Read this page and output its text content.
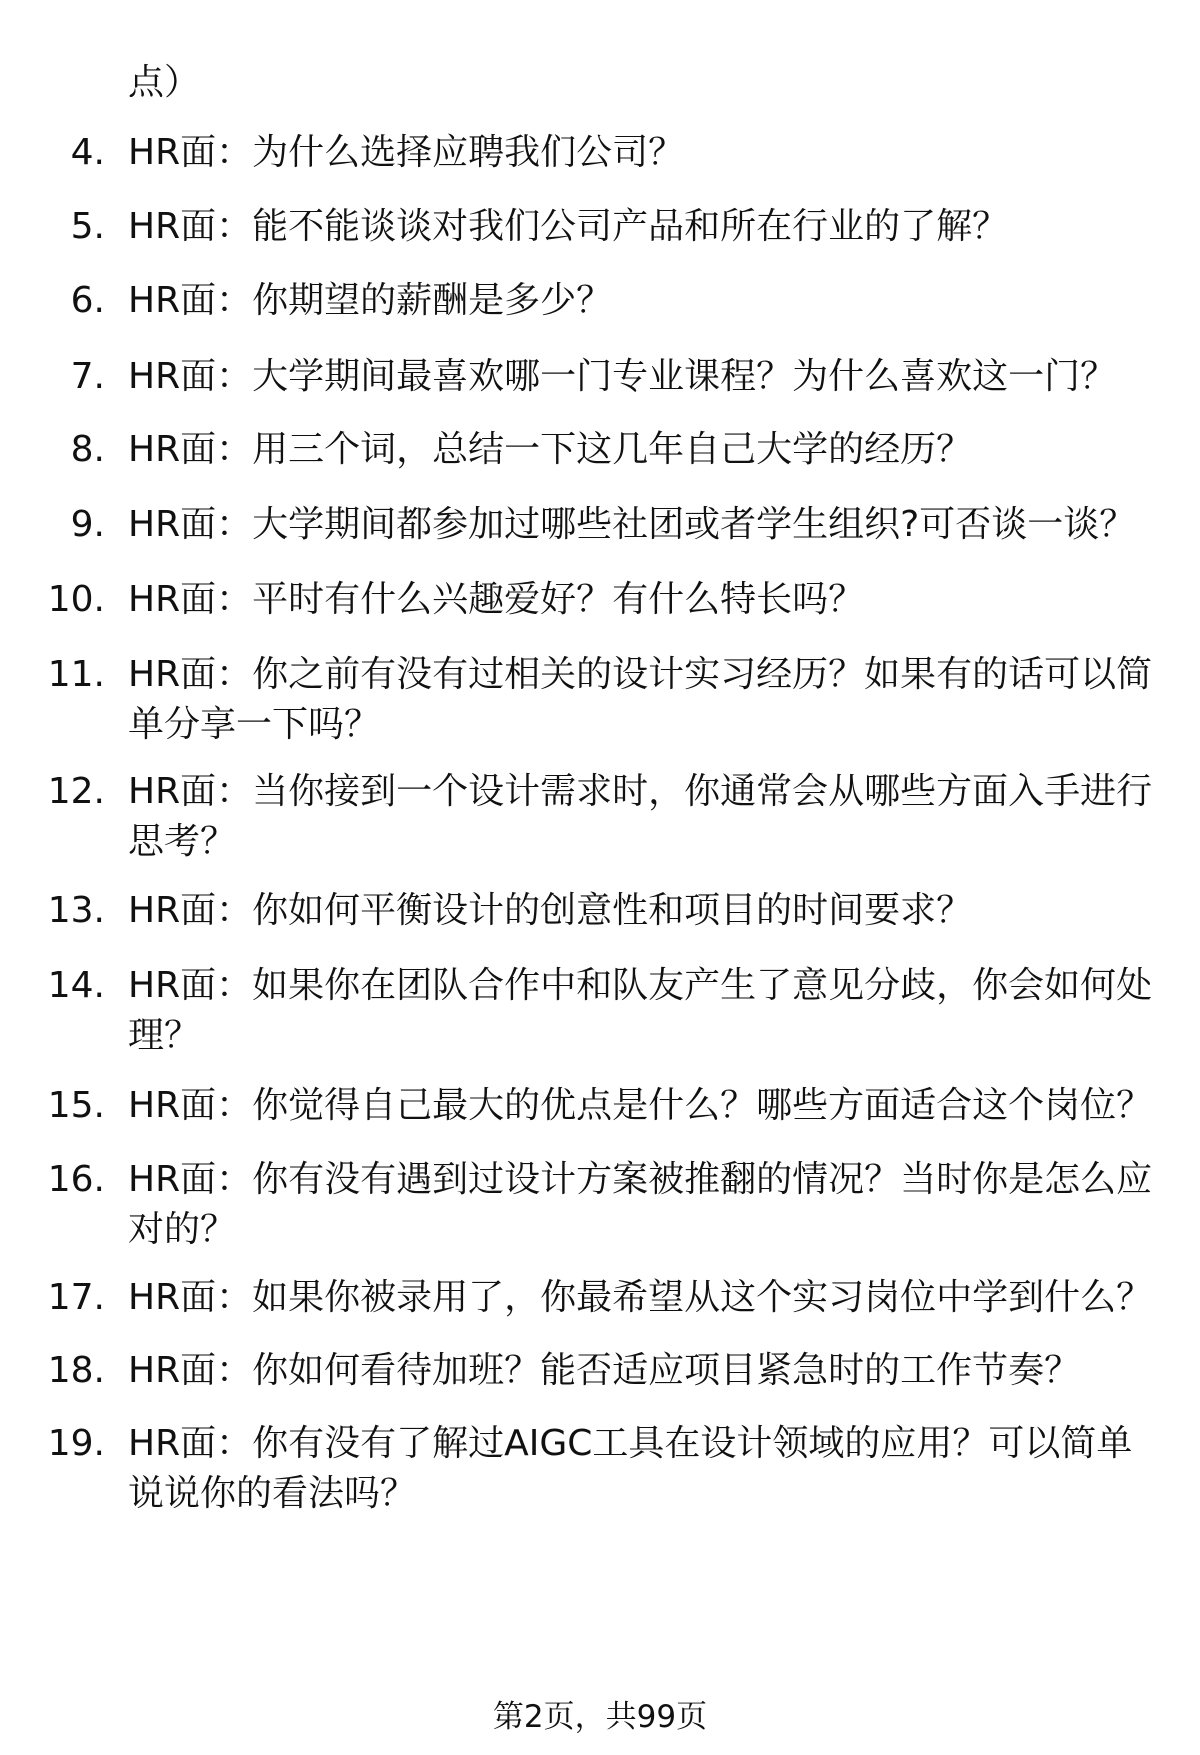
点）
4. HR面：为什么选择应聘我们公司？
5. HR面：能不能谈谈对我们公司产品和所在行业的了解？
6. HR面：你期望的薪酬是多少？
7. HR面：大学期间最喜欢哪一门专业课程？为什么喜欢这一门？
8. HR面：用三个词，总结一下这几年自己大学的经历？
9. HR面：大学期间都参加过哪些社团或者学生组织?可否谈一谈？
10. HR面：平时有什么兴趣爱好？有什么特长吗？
11. HR面：你之前有没有过相关的设计实习经历？如果有的话可以简单分享一下吗？
12. HR面：当你接到一个设计需求时，你通常会从哪些方面入手进行思考？
13. HR面：你如何平衡设计的创意性和项目的时间要求？
14. HR面：如果你在团队合作中和队友产生了意见分歧，你会如何处理？
15. HR面：你觉得自己最大的优点是什么？哪些方面适合这个岗位？
16. HR面：你有没有遇到过设计方案被推翻的情况？当时你是怎么应对的？
17. HR面：如果你被录用了，你最希望从这个实习岗位中学到什么？
18. HR面：你如何看待加班？能否适应项目紧急时的工作节奏？
19. HR面：你有没有了解过AIGC工具在设计领域的应用？可以简单说说你的看法吗？
第2页，共99页
